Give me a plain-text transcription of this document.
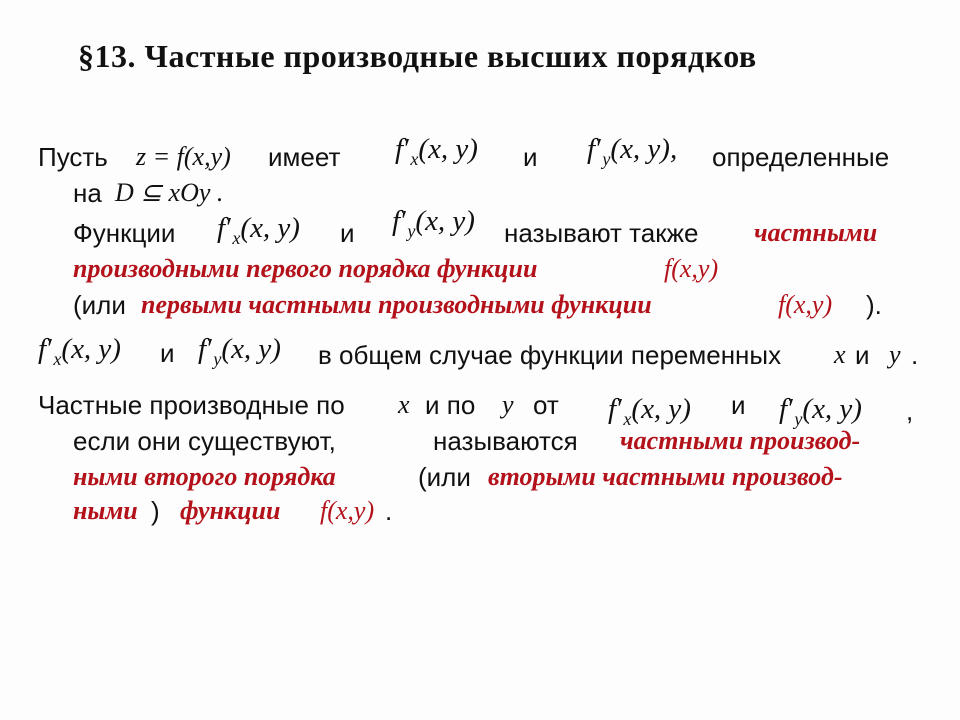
§13. Частные производные высших порядков
Пусть z = f(x,y) имеет $f'_x(x$, y) и $f'_y(x$, y), определенные
на D ⊆ xOy .
Функции $f'_x(x$, y) и $f'_y(x$, y) называют также частными
производными первого порядка функции	f(x,y)
(или первыми частными производными функции	f(x,y) ).
$f'_x(x$, y) и $f'_y(x$, y) в общем случае функции переменных x и y .
Частные производные по x и по y от $f'_x(x$, y) и $f'_y(x$, y) ,
если они существуют,	называются частными производ-
ными второго порядка	(или вторыми частными производ-
ными ) функции f(x,y) .
